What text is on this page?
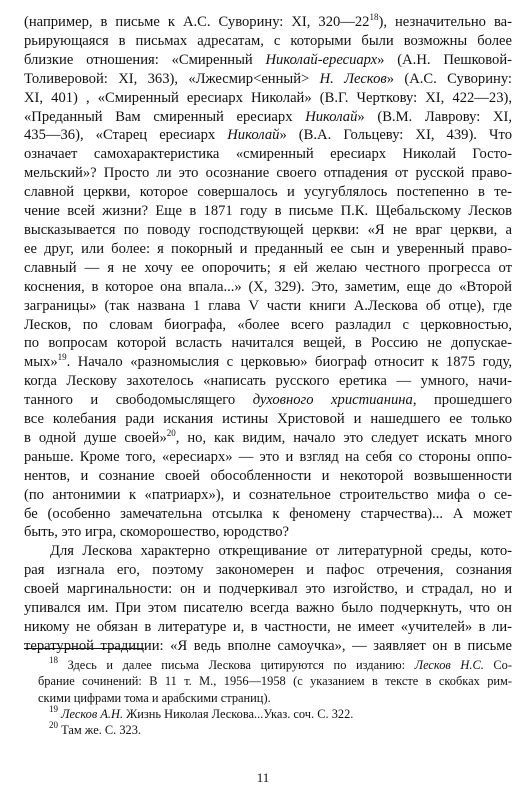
(например, в письме к А.С. Суворину: XI, $320—22^{18}$), незначительно ва-
рьирующаяся в письмах адресатам, с которыми были возможны более
близкие отношения: «Смиренный Николай-ересиарх» (А.Н. Пешковой-
Толиверовой: XI, 363), «Лжесмир<енный> Н. Лесков» (А.С. Суворину:
XI, 401) , «Смиренный ересиарх Николай» (В.Г. Черткову: XI, 422—23),
«Преданный Вам смиренный ересиарх Николай» (В.М. Лаврову: XI,
435—36), «Старец ересиарх Николай» (В.А. Гольцеву: XI, 439). Что
означает самохарактеристика «смиренный ересиарх Николай Госто-
мельский»? Просто ли это осознание своего отпадения от русской право-
славной церкви, которое совершалось и усугублялось постепенно в те-
чение всей жизни? Еще в 1871 году в письме П.К. Щебальскому Лесков
высказывается по поводу господствующей церкви: «Я не враг церкви, а
ее друг, или более: я покорный и преданный ее сын и уверенный право-
славный — я не хочу ее опорочить; я ей желаю честного прогресса от
коснения, в которое она впала...» (X, 329). Это, заметим, еще до «Второй
заграницы» (так названа 1 глава V части книги А.Лескова об отце), где
Лесков, по словам биографа, «более всего разладил с церковностью,
по вопросам которой всласть начитался вещей, в Россию не допускае-
мых»$^{19}$. Начало «разномыслия с церковью» биограф относит к 1875 году,
когда Лескову захотелось «написать русского еретика — умного, начи-
танного и свободомыслящего духовного христианина, прошедшего
все колебания ради искания истины Христовой и нашедшего ее только
в одной душе своей»$^{20}$, но, как видим, начало это следует искать много
раньше. Кроме того, «ересиарх» — это и взгляд на себя со стороны оппо-
нентов, и сознание своей обособленности и некоторой возвышенности
(по антонимии к «патриарх»), и сознательное строительство мифа о се-
бе (особенно замечательна отсылка к феномену старчества)... А может
быть, это игра, скоморошество, юродство?
Для Лескова характерно открещивание от литературной среды, кото-
рая изгнала его, поэтому закономерен и пафос отречения, сознания
своей маргинальности: он и подчеркивал это изгойство, и страдал, но и
упивался им. При этом писателю всегда важно было подчеркнуть, что он
никому не обязан в литературе и, в частности, не имеет «учителей» в ли-
тературной традиции: «Я ведь вполне самоучка», — заявляет он в письме
$^{18}$ Здесь и далее письма Лескова цитируются по изданию: Лесков Н.С. Со-
брание сочинений: В 11 т. М., 1956—1958 (с указанием в тексте в скобках рим-
скими цифрами тома и арабскими страниц).
$^{19}$ Лесков А.Н. Жизнь Николая Лескова...Указ. соч. С. 322.
$^{20}$ Там же. С. 323.
11
